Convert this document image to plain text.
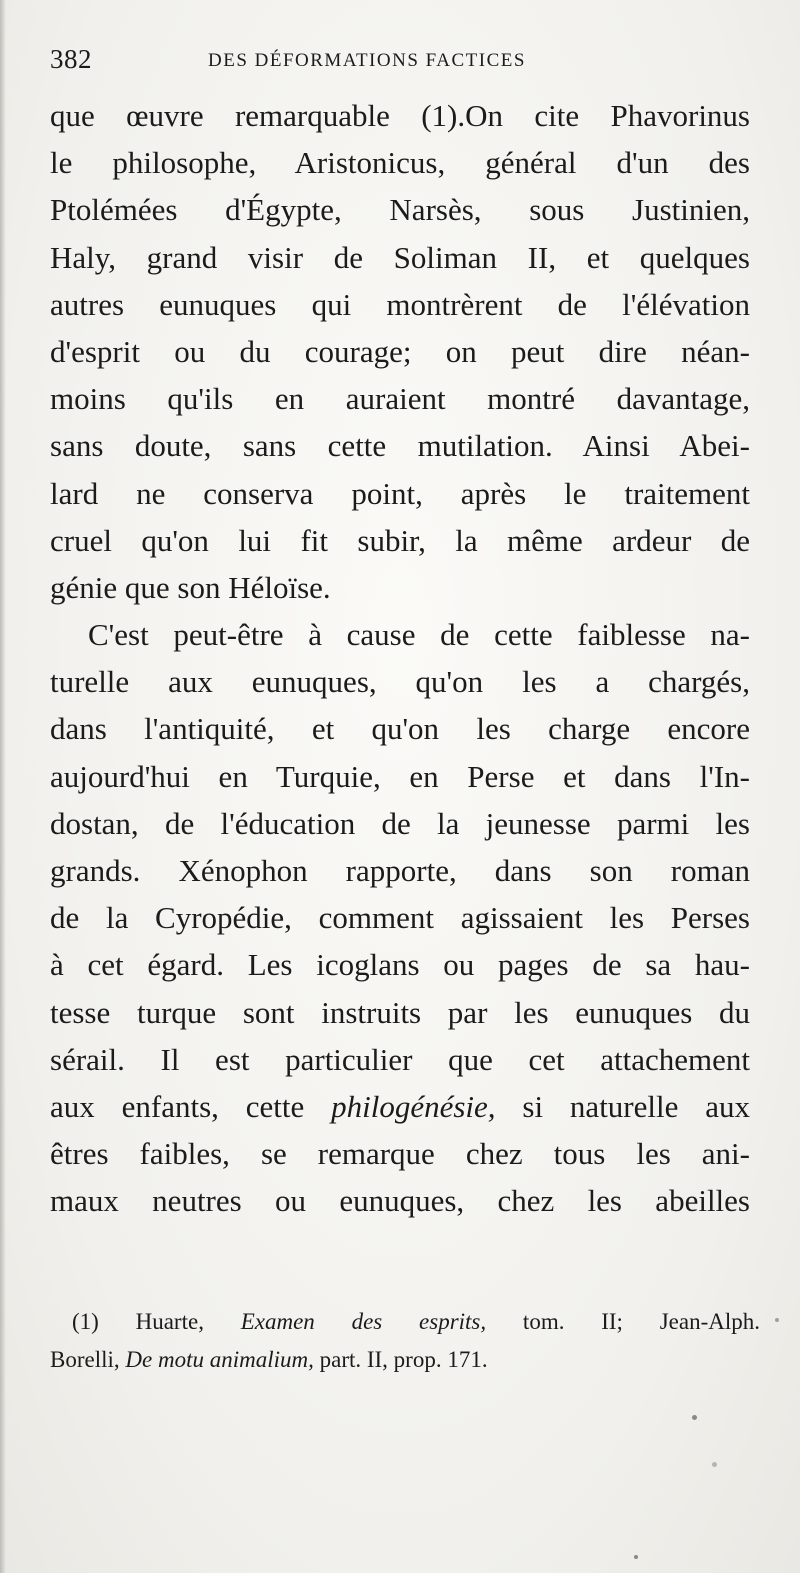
382	DES DÉFORMATIONS FACTICES
que œuvre remarquable (1).On cite Phavorinus
le philosophe, Aristonicus, général d'un des
Ptolémées d'Égypte, Narsès, sous Justinien,
Haly, grand visir de Soliman II, et quelques
autres eunuques qui montrèrent de l'élévation
d'esprit ou du courage; on peut dire néan-
moins qu'ils en auraient montré davantage,
sans doute, sans cette mutilation. Ainsi Abei-
lard ne conserva point, après le traitement
cruel qu'on lui fit subir, la même ardeur de
génie que son Héloïse.
C'est peut-être à cause de cette faiblesse na-
turelle aux eunuques, qu'on les a chargés,
dans l'antiquité, et qu'on les charge encore
aujourd'hui en Turquie, en Perse et dans l'In-
dostan, de l'éducation de la jeunesse parmi les
grands. Xénophon rapporte, dans son roman
de la Cyropédie, comment agissaient les Perses
à cet égard. Les icoglans ou pages de sa hau-
tesse turque sont instruits par les eunuques du
sérail. Il est particulier que cet attachement
aux enfants, cette philogénésie, si naturelle aux
êtres faibles, se remarque chez tous les ani-
maux neutres ou eunuques, chez les abeilles
(1) Huarte, Examen des esprits, tom. II; Jean-Alph.
Borelli, De motu animalium, part. II, prop. 171.
